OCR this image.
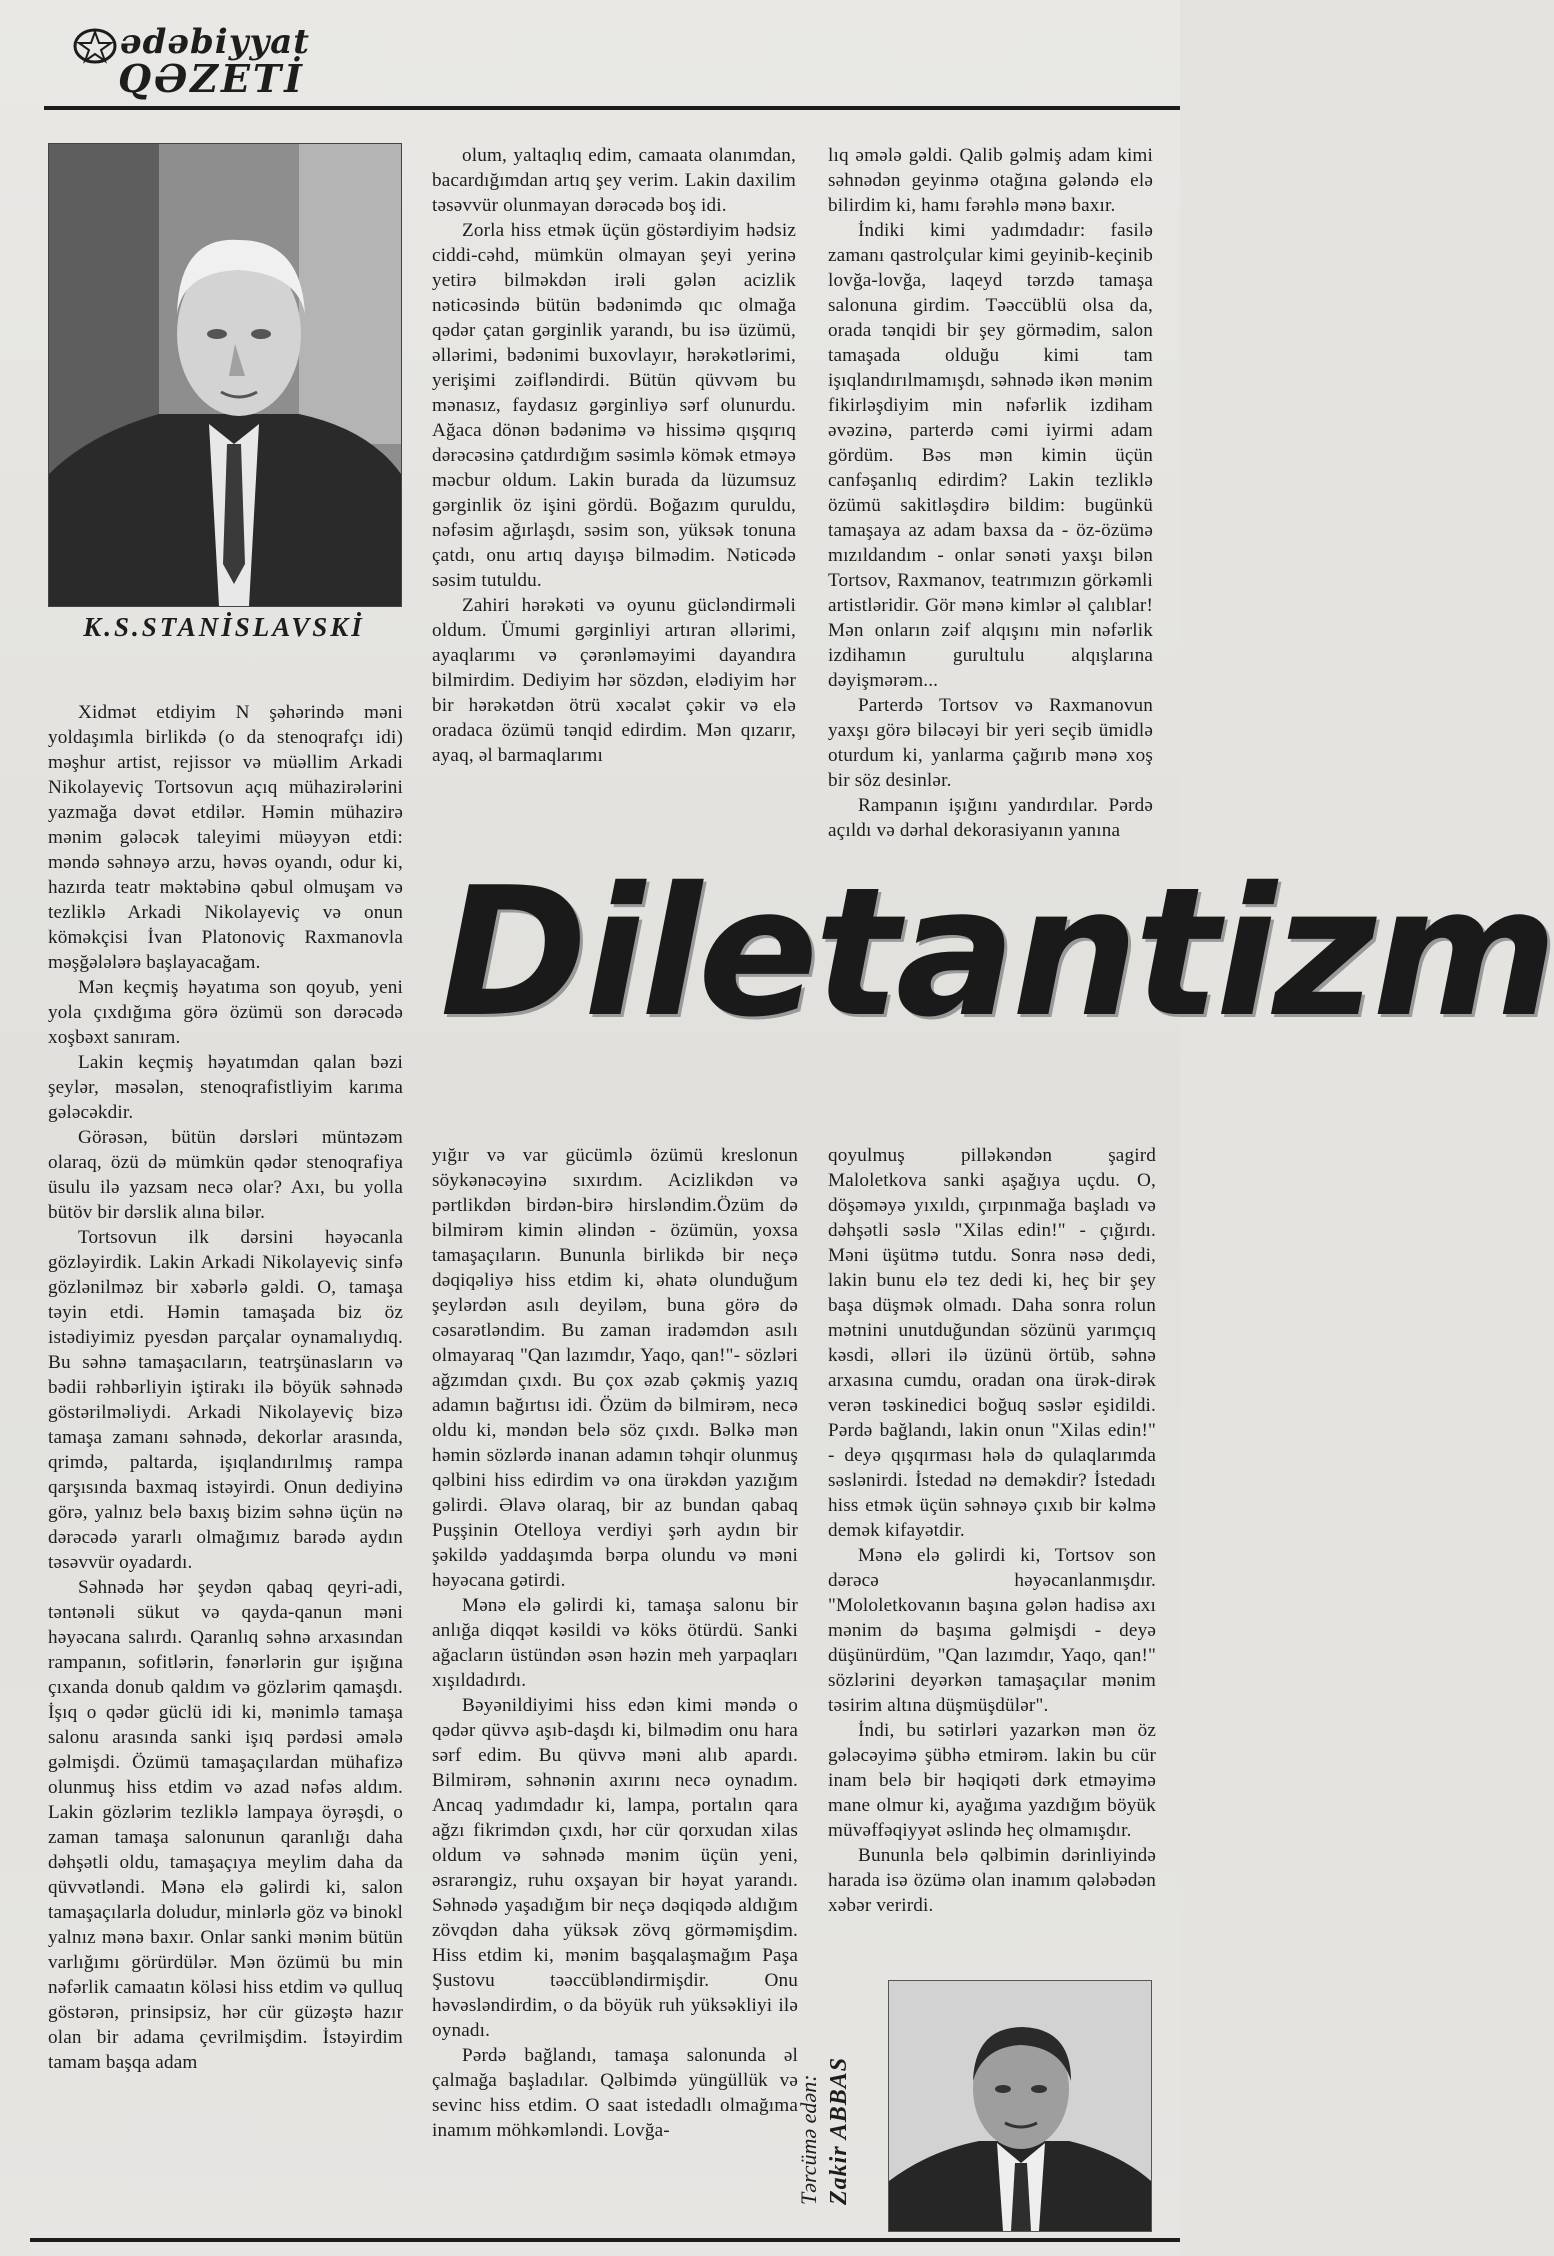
ədəbiyyat
QƏZETİ
K.S.STANİSLAVSKİ

olum, yaltaqlıq edim, camaata olanımdan, bacardığımdan artıq şey verim. Lakin daxilim təsəvvür olunmayan dərəcədə boş idi.

Zorla hiss etmək üçün göstərdiyim hədsiz ciddi-cəhd, mümkün olmayan şeyi yerinə yetirə bilməkdən irəli gələn acizlik nəticəsində bütün bədənimdə qıc olmağa qədər çatan gərginlik yarandı, bu isə üzümü, əllərimi, bədənimi buxovlayır, hərəkətlərimi, yerişimi zəifləndirdi. Bütün qüvvəm bu mənasız, faydasız gərginliyə sərf olunurdu. Ağaca dönən bədənimə və hissimə qışqırıq dərəcəsinə çatdırdığım səsimlə kömək etməyə məcbur oldum. Lakin burada da lüzumsuz gərginlik öz işini gördü. Boğazım quruldu, nəfəsim ağırlaşdı, səsim son, yüksək tonuna çatdı, onu artıq dayışə bilmədim. Nəticədə səsim tutuldu.

Zahiri hərəkəti və oyunu gücləndirməli oldum. Ümumi gərginliyi artıran əllərimi, ayaqlarımı və çərənləməyimi dayandıra bilmirdim. Dediyim hər sözdən, elədiyim hər bir hərəkətdən ötrü xəcalət çəkir və elə oradaca özümü tənqid edirdim. Mən qızarır, ayaq, əl barmaqlarımı

lıq əmələ gəldi. Qalib gəlmiş adam kimi səhnədən geyinmə otağına gələndə elə bilirdim ki, hamı fərəhlə mənə baxır.

İndiki kimi yadımdadır: fasilə zamanı qastrolçular kimi geyinib-keçinib lovğa-lovğa, laqeyd tərzdə tamaşa salonuna girdim. Təəccüblü olsa da, orada tənqidi bir şey görmədim, salon tamaşada olduğu kimi tam işıqlandırılmamışdı, səhnədə ikən mənim fikirləşdiyim min nəfərlik izdiham əvəzinə, parterdə cəmi iyirmi adam gördüm. Bəs mən kimin üçün canfəşanlıq edirdim? Lakin tezliklə özümü sakitləşdirə bildim: bugünkü tamaşaya az adam baxsa da - öz-özümə mızıldandım - onlar sənəti yaxşı bilən Tortsov, Raxmanov, teatrımızın görkəmli artistləridir. Gör mənə kimlər əl çalıblar! Mən onların zəif alqışını min nəfərlik izdihamın gurultulu alqışlarına dəyişmərəm...

Parterdə Tortsov və Raxmanovun yaxşı görə biləcəyi bir yeri seçib ümidlə oturdum ki, yanlarma çağırıb mənə xoş bir söz desinlər.

Rampanın işığını yandırdılar. Pərdə açıldı və dərhal dekorasiyanın yanına

Diletantizm

Xidmət etdiyim N şəhərində məni yoldaşımla birlikdə (o da stenoqrafçı idi) məşhur artist, rejissor və müəllim Arkadi Nikolayeviç Tortsovun açıq mühazirələrini yazmağa dəvət etdilər. Həmin mühazirə mənim gələcək taleyimi müəyyən etdi: məndə səhnəyə arzu, həvəs oyandı, odur ki, hazırda teatr məktəbinə qəbul olmuşam və tezliklə Arkadi Nikolayeviç və onun köməkçisi İvan Platonoviç Raxmanovla məşğələlərə başlayacağam.

Mən keçmiş həyatıma son qoyub, yeni yola çıxdığıma görə özümü son dərəcədə xoşbəxt sanıram.

Lakin keçmiş həyatımdan qalan bəzi şeylər, məsələn, stenoqrafistliyim karıma gələcəkdir.

Görəsən, bütün dərsləri müntəzəm olaraq, özü də mümkün qədər stenoqrafiya üsulu ilə yazsam necə olar? Axı, bu yolla bütöv bir dərslik alına bilər.

Tortsovun ilk dərsini həyəcanla gözləyirdik. Lakin Arkadi Nikolayeviç sinfə gözlənilməz bir xəbərlə gəldi. O, tamaşa təyin etdi. Həmin tamaşada biz öz istədiyimiz pyesdən parçalar oynamalıydıq. Bu səhnə tamaşacıların, teatrşünasların və bədii rəhbərliyin iştirakı ilə böyük səhnədə göstərilməliydi. Arkadi Nikolayeviç bizə tamaşa zamanı səhnədə, dekorlar arasında, qrimdə, paltarda, işıqlandırılmış rampa qarşısında baxmaq istəyirdi. Onun dediyinə görə, yalnız belə baxış bizim səhnə üçün nə dərəcədə yararlı olmağımız barədə aydın təsəvvür oyadardı.

Səhnədə hər şeydən qabaq qeyri-adi, təntənəli sükut və qayda-qanun məni həyəcana salırdı. Qaranlıq səhnə arxasından rampanın, sofitlərin, fənərlərin gur işığına çıxanda donub qaldım və gözlərim qamaşdı. İşıq o qədər güclü idi ki, mənimlə tamaşa salonu arasında sanki işıq pərdəsi əmələ gəlmişdi. Özümü tamaşaçılardan mühafizə olunmuş hiss etdim və azad nəfəs aldım. Lakin gözlərim tezliklə lampaya öyrəşdi, o zaman tamaşa salonunun qaranlığı daha dəhşətli oldu, tamaşaçıya meylim daha da qüvvətləndi. Mənə elə gəlirdi ki, salon tamaşaçılarla doludur, minlərlə göz və binokl yalnız mənə baxır. Onlar sanki mənim bütün varlığımı görürdülər. Mən özümü bu min nəfərlik camaatın köləsi hiss etdim və qulluq göstərən, prinsipsiz, hər cür güzəştə hazır olan bir adama çevrilmişdim. İstəyirdim tamam başqa adam

yığır və var gücümlə özümü kreslonun söykənəcəyinə sıxırdım. Acizlikdən və pərtlikdən birdən-birə hirsləndim.Özüm də bilmirəm kimin əlindən - özümün, yoxsa tamaşaçıların. Bununla birlikdə bir neçə dəqiqəliyə hiss etdim ki, əhatə olunduğum şeylərdən asılı deyiləm, buna görə də cəsarətləndim. Bu zaman iradəmdən asılı olmayaraq "Qan lazımdır, Yaqo, qan!"- sözləri ağzımdan çıxdı. Bu çox əzab çəkmiş yazıq adamın bağırtısı idi. Özüm də bilmirəm, necə oldu ki, məndən belə söz çıxdı. Bəlkə mən həmin sözlərdə inanan adamın təhqir olunmuş qəlbini hiss edirdim və ona ürəkdən yazığım gəlirdi. Əlavə olaraq, bir az bundan qabaq Puşşinin Otelloya verdiyi şərh aydın bir şəkildə yaddaşımda bərpa olundu və məni həyəcana gətirdi.

Mənə elə gəlirdi ki, tamaşa salonu bir anlığa diqqət kəsildi və köks ötürdü. Sanki ağacların üstündən əsən həzin meh yarpaqları xışıldadırdı.

Bəyənildiyimi hiss edən kimi məndə o qədər qüvvə aşıb-daşdı ki, bilmədim onu hara sərf edim. Bu qüvvə məni alıb apardı. Bilmirəm, səhnənin axırını necə oynadım. Ancaq yadımdadır ki, lampa, portalın qara ağzı fikrimdən çıxdı, hər cür qorxudan xilas oldum və səhnədə mənim üçün yeni, əsrarəngiz, ruhu oxşayan bir həyat yarandı. Səhnədə yaşadığım bir neçə dəqiqədə aldığım zövqdən daha yüksək zövq görməmişdim. Hiss etdim ki, mənim başqalaşmağım Paşa Şustovu təəccübləndirmişdir. Onu həvəsləndirdim, o da böyük ruh yüksəkliyi ilə oynadı.

Pərdə bağlandı, tamaşa salonunda əl çalmağa başladılar. Qəlbimdə yüngüllük və sevinc hiss etdim. O saat istedadlı olmağıma inamım möhkəmləndi. Lovğa-

qoyulmuş pilləkəndən şagird Maloletkova sanki aşağıya uçdu. O, döşəməyə yıxıldı, çırpınmağa başladı və dəhşətli səslə "Xilas edin!" - çığırdı. Məni üşütmə tutdu. Sonra nəsə dedi, lakin bunu elə tez dedi ki, heç bir şey başa düşmək olmadı. Daha sonra rolun mətnini unutduğundan sözünü yarımçıq kəsdi, əlləri ilə üzünü örtüb, səhnə arxasına cumdu, oradan ona ürək-dirək verən təskinedici boğuq səslər eşidildi. Pərdə bağlandı, lakin onun "Xilas edin!" - deyə qışqırması hələ də qulaqlarımda səslənirdi. İstedad nə deməkdir? İstedadı hiss etmək üçün səhnəyə çıxıb bir kəlmə demək kifayətdir.

Mənə elə gəlirdi ki, Tortsov son dərəcə həyəcanlanmışdır. "Mololetkovanın başına gələn hadisə axı mənim də başıma gəlmişdi - deyə düşünürdüm, "Qan lazımdır, Yaqo, qan!" sözlərini deyərkən tamaşaçılar mənim təsirim altına düşmüşdülər".

İndi, bu sətirləri yazarkən mən öz gələcəyimə şübhə etmirəm. lakin bu cür inam belə bir həqiqəti dərk etməyimə mane olmur ki, ayağıma yazdığım böyük müvəffəqiyyət əslində heç olmamışdır.

Bununla belə qəlbimin dərinliyində harada isə özümə olan inamım qələbədən xəbər verirdi.

Tərcümə edən: Zakir ABBAS
